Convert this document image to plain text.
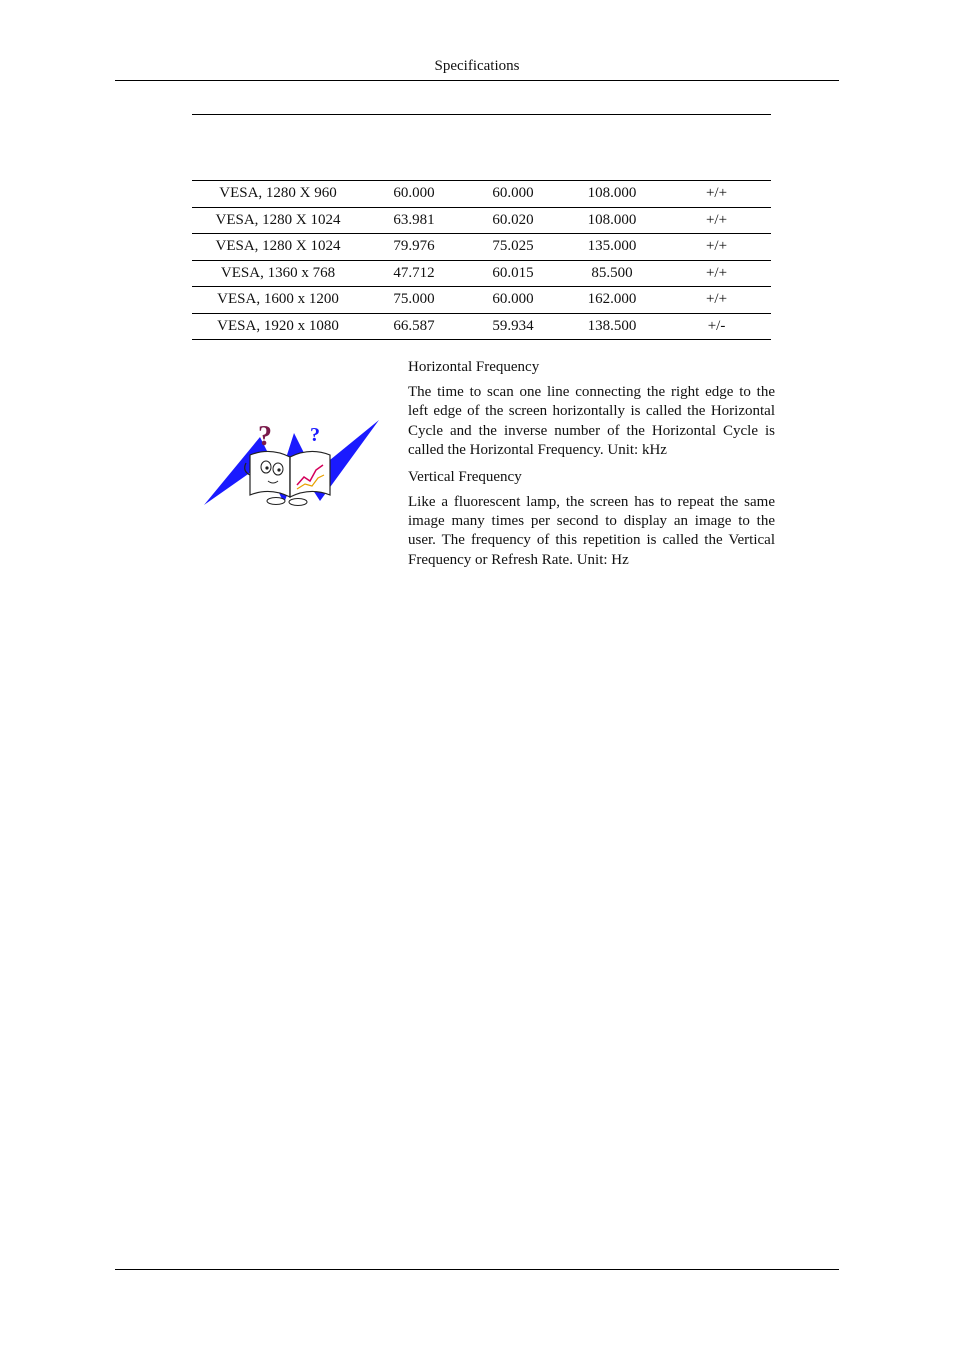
Specifications
VESA, 1280 X 960	60.000	60.000	108.000	+/+
VESA, 1280 X 1024	63.981	60.020	108.000	+/+
VESA, 1280 X 1024	79.976	75.025	135.000	+/+
VESA, 1360 x 768	47.712	60.015	85.500	+/+
VESA, 1600 x 1200	75.000	60.000	162.000	+/+
VESA, 1920 x 1080	66.587	59.934	138.500	+/-
? ?

Horizontal Frequency

The time to scan one line connecting the right edge to the left edge of the screen horizontally is called the Horizontal Cycle and the inverse number of the Horizontal Cycle is called the Horizontal Frequency. Unit: kHz

Vertical Frequency

Like a fluorescent lamp, the screen has to repeat the same image many times per second to display an image to the user. The frequency of this repetition is called the Vertical Frequency or Refresh Rate. Unit: Hz
